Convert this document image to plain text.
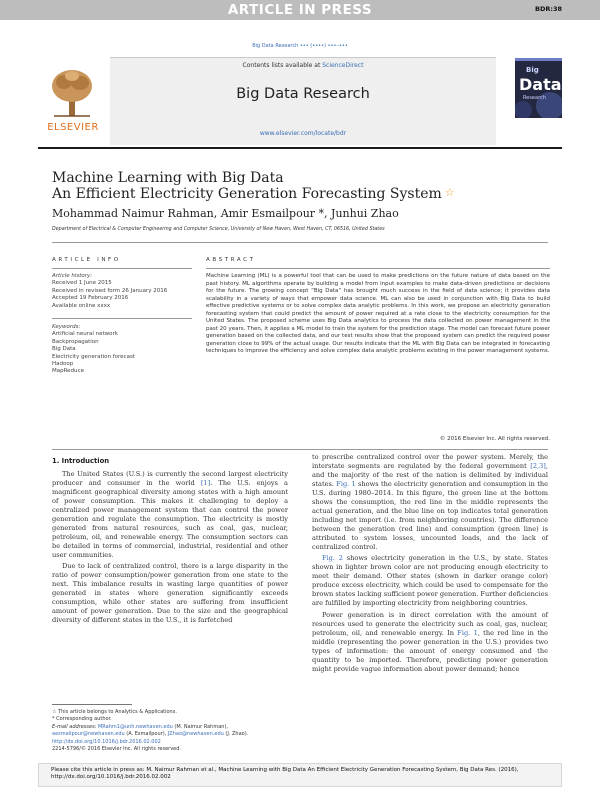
ARTICLE IN PRESS	BDR:38
Big Data Research ••• (••••) •••–•••
ELSEVIER
Contents lists available at ScienceDirect
Big Data Research
www.elsevier.com/locate/bdr
Big
Data
Research
Machine Learning with Big Data
An Efficient Electricity Generation Forecasting System ☆
Mohammad Naimur Rahman, Amir Esmailpour *, Junhui Zhao
Department of Electrical & Computer Engineering and Computer Science, University of New Haven, West Haven, CT, 06516, United States
ARTICLE INFO	ABSTRACT
Article history:
Received 1 June 2015
Received in revised form 26 January 2016
Accepted 19 February 2016
Available online xxxx
Keywords:
Artificial neural network
Backpropagation
Big Data
Electricity generation forecast
Hadoop
MapReduce
Machine Learning (ML) is a powerful tool that can be used to make predictions on the future nature of data based on the past history. ML algorithms operate by building a model from input examples to make data-driven predictions or decisions for the future. The growing concept “Big Data” has brought much success in the field of data science; it provides data scalability in a variety of ways that empower data science. ML can also be used in conjunction with Big Data to build effective predictive systems or to solve complex data analytic problems. In this work, we propose an electricity generation forecasting system that could predict the amount of power required at a rate close to the electricity consumption for the United States. The proposed scheme uses Big Data analytics to process the data collected on power management in the past 20 years. Then, it applies a ML model to train the system for the prediction stage. The model can forecast future power generation based on the collected data, and our test results show that the proposed system can predict the required power generation close to 99% of the actual usage. Our results indicate that the ML with Big Data can be integrated in forecasting techniques to improve the efficiency and solve complex data analytic problems existing in the power management systems.
© 2016 Elsevier Inc. All rights reserved.
1. Introduction

The United States (U.S.) is currently the second largest electricity producer and consumer in the world [1]. The U.S. enjoys a magnificent geographical diversity among states with a high amount of power consumption. This makes it challenging to deploy a centralized power management system that can control the power generation and regulate the consumption. The electricity is mostly generated from natural resources, such as coal, gas, nuclear, petroleum, oil, and renewable energy. The consumption sectors can be detailed in terms of commercial, industrial, residential and other user communities.

Due to lack of centralized control, there is a large disparity in the ratio of power consumption/power generation from one state to the next. This imbalance results in wasting large quantities of power generated in states where generation significantly exceeds consumption, while other states are suffering from insufficient amount of power generation. Due to the size and the geographical diversity of different states in the U.S., it is farfetched

to prescribe centralized control over the power system. Merely, the interstate segments are regulated by the federal government [2,3], and the majority of the rest of the nation is delimited by individual states. Fig. 1 shows the electricity generation and consumption in the U.S. during 1980–2014. In this figure, the green line at the bottom shows the consumption, the red line in the middle represents the actual generation, and the blue line on top indicates total generation including net import (i.e. from neighboring countries). The difference between the generation (red line) and consumption (green line) is attributed to system losses, uncounted loads, and the lack of centralized control.

Fig. 2 shows electricity generation in the U.S., by state. States shown in lighter brown color are not producing enough electricity to meet their demand. Other states (shown in darker orange color) produce excess electricity, which could be used to compensate for the brown states lacking sufficient power generation. Further deficiencies are fulfilled by importing electricity from neighboring countries.

Power generation is in direct correlation with the amount of resources used to generate the electricity such as coal, gas, nuclear, petroleum, oil, and renewable energy. In Fig. 1, the red line in the middle (representing the power generation in the U.S.) provides two types of information: the amount of energy consumed and the quantity to be imported. Therefore, predicting power generation might provide vague information about power demand; hence

☆ This article belongs to Analytics & Applications.
* Corresponding author.
E-mail addresses: MRahm1@unh.newhaven.edu (M. Naimur Rahman),
aesmailpour@newhaven.edu (A. Esmailpour), JZhao@newhaven.edu (J. Zhao).
http://dx.doi.org/10.1016/j.bdr.2016.02.002
2214-5796/© 2016 Elsevier Inc. All rights reserved.
Please cite this article in press as: M. Naimur Rahman et al., Machine Learning with Big Data An Efficient Electricity Generation Forecasting System, Big Data Res. (2016), http://dx.doi.org/10.1016/j.bdr.2016.02.002
